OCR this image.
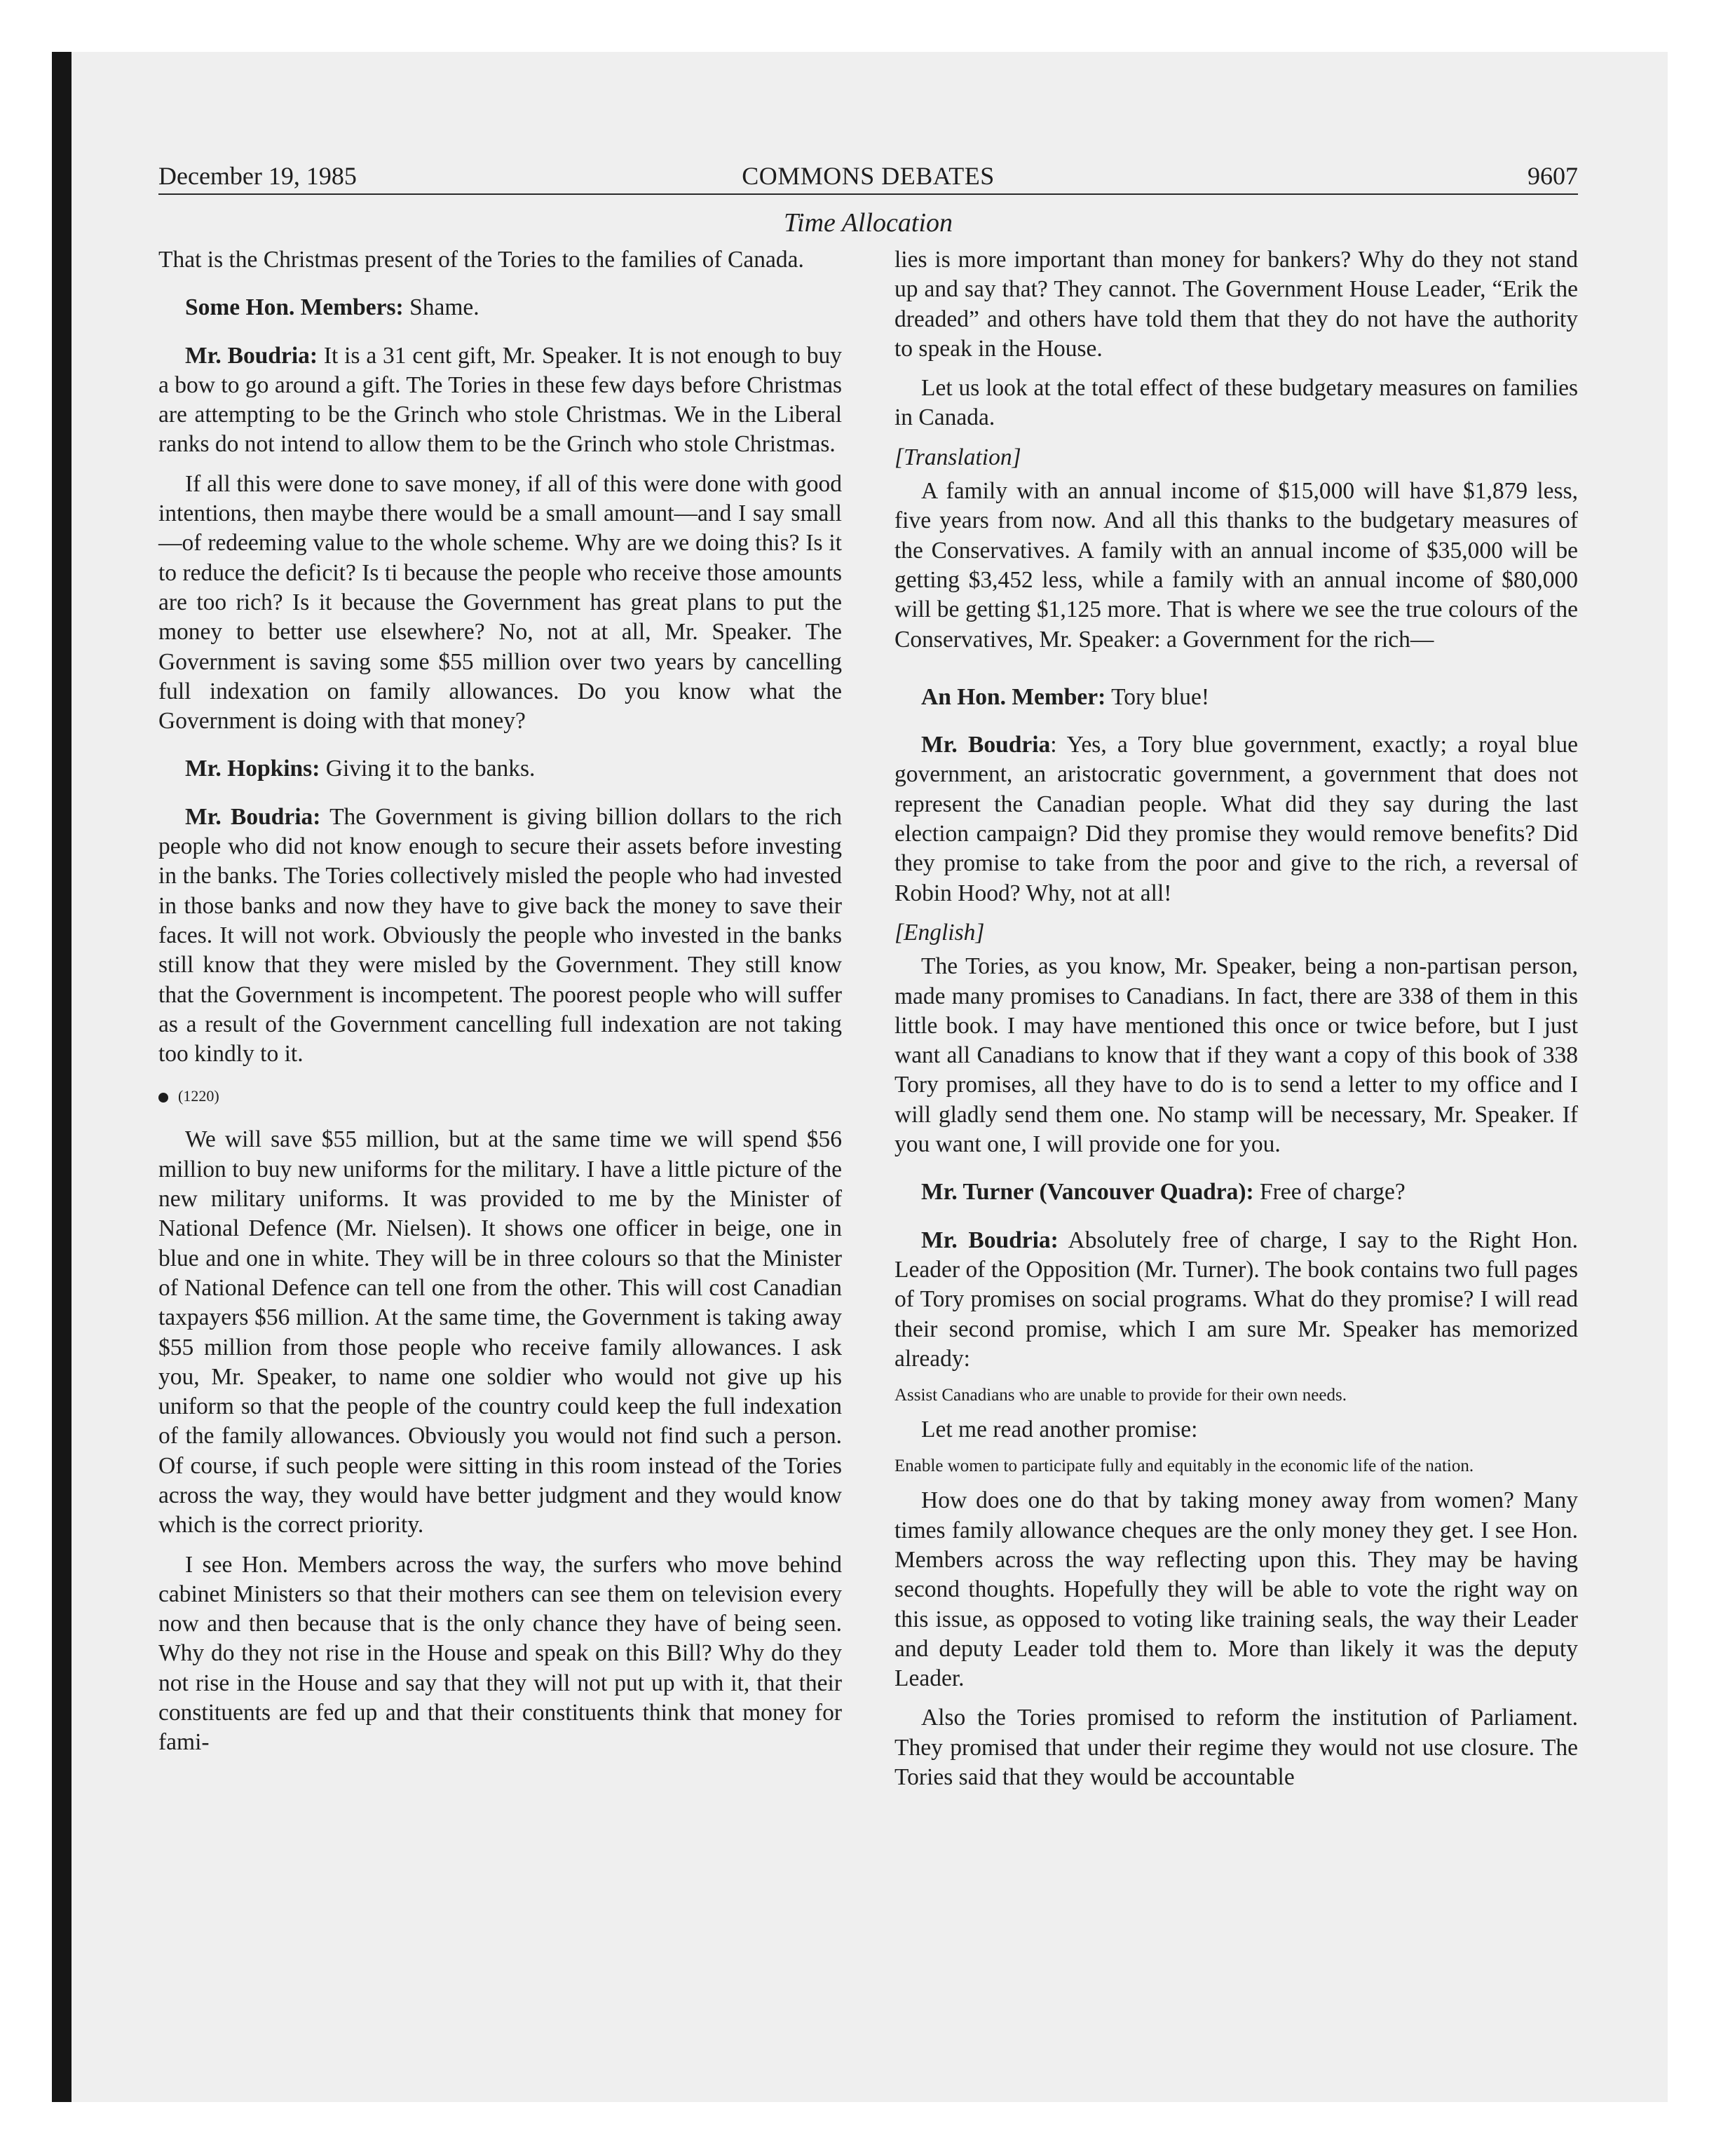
December 19, 1985	COMMONS DEBATES	9607
Time Allocation

That is the Christmas present of the Tories to the families of Canada.

Some Hon. Members: Shame.

Mr. Boudria: It is a 31 cent gift, Mr. Speaker. It is not enough to buy a bow to go around a gift. The Tories in these few days before Christmas are attempting to be the Grinch who stole Christmas. We in the Liberal ranks do not intend to allow them to be the Grinch who stole Christmas.

If all this were done to save money, if all of this were done with good intentions, then maybe there would be a small amount—and I say small—of redeeming value to the whole scheme. Why are we doing this? Is it to reduce the deficit? Is ti because the people who receive those amounts are too rich? Is it because the Government has great plans to put the money to better use elsewhere? No, not at all, Mr. Speaker. The Government is saving some $55 million over two years by cancelling full indexation on family allowances. Do you know what the Government is doing with that money?

Mr. Hopkins: Giving it to the banks.

Mr. Boudria: The Government is giving billion dollars to the rich people who did not know enough to secure their assets before investing in the banks. The Tories collectively misled the people who had invested in those banks and now they have to give back the money to save their faces. It will not work. Obviously the people who invested in the banks still know that they were misled by the Government. They still know that the Government is incompetent. The poorest people who will suffer as a result of the Government cancelling full indexation are not taking too kindly to it.

(1220)

We will save $55 million, but at the same time we will spend $56 million to buy new uniforms for the military. I have a little picture of the new military uniforms. It was provided to me by the Minister of National Defence (Mr. Nielsen). It shows one officer in beige, one in blue and one in white. They will be in three colours so that the Minister of National Defence can tell one from the other. This will cost Canadian taxpayers $56 million. At the same time, the Government is taking away $55 million from those people who receive family allowances. I ask you, Mr. Speaker, to name one soldier who would not give up his uniform so that the people of the country could keep the full indexation of the family allowances. Obviously you would not find such a person. Of course, if such people were sitting in this room instead of the Tories across the way, they would have better judgment and they would know which is the correct priority.

I see Hon. Members across the way, the surfers who move behind cabinet Ministers so that their mothers can see them on television every now and then because that is the only chance they have of being seen. Why do they not rise in the House and speak on this Bill? Why do they not rise in the House and say that they will not put up with it, that their constituents are fed up and that their constituents think that money for fami-

lies is more important than money for bankers? Why do they not stand up and say that? They cannot. The Government House Leader, “Erik the dreaded” and others have told them that they do not have the authority to speak in the House.

Let us look at the total effect of these budgetary measures on families in Canada.

[Translation]

A family with an annual income of $15,000 will have $1,879 less, five years from now. And all this thanks to the budgetary measures of the Conservatives. A family with an annual income of $35,000 will be getting $3,452 less, while a family with an annual income of $80,000 will be getting $1,125 more. That is where we see the true colours of the Conservatives, Mr. Speaker: a Government for the rich—

An Hon. Member: Tory blue!

Mr. Boudria: Yes, a Tory blue government, exactly; a royal blue government, an aristocratic government, a government that does not represent the Canadian people. What did they say during the last election campaign? Did they promise they would remove benefits? Did they promise to take from the poor and give to the rich, a reversal of Robin Hood? Why, not at all!

[English]

The Tories, as you know, Mr. Speaker, being a non-partisan person, made many promises to Canadians. In fact, there are 338 of them in this little book. I may have mentioned this once or twice before, but I just want all Canadians to know that if they want a copy of this book of 338 Tory promises, all they have to do is to send a letter to my office and I will gladly send them one. No stamp will be necessary, Mr. Speaker. If you want one, I will provide one for you.

Mr. Turner (Vancouver Quadra): Free of charge?

Mr. Boudria: Absolutely free of charge, I say to the Right Hon. Leader of the Opposition (Mr. Turner). The book contains two full pages of Tory promises on social programs. What do they promise? I will read their second promise, which I am sure Mr. Speaker has memorized already:

Assist Canadians who are unable to provide for their own needs.

Let me read another promise:

Enable women to participate fully and equitably in the economic life of the nation.

How does one do that by taking money away from women? Many times family allowance cheques are the only money they get. I see Hon. Members across the way reflecting upon this. They may be having second thoughts. Hopefully they will be able to vote the right way on this issue, as opposed to voting like training seals, the way their Leader and deputy Leader told them to. More than likely it was the deputy Leader.

Also the Tories promised to reform the institution of Parliament. They promised that under their regime they would not use closure. The Tories said that they would be accountable
